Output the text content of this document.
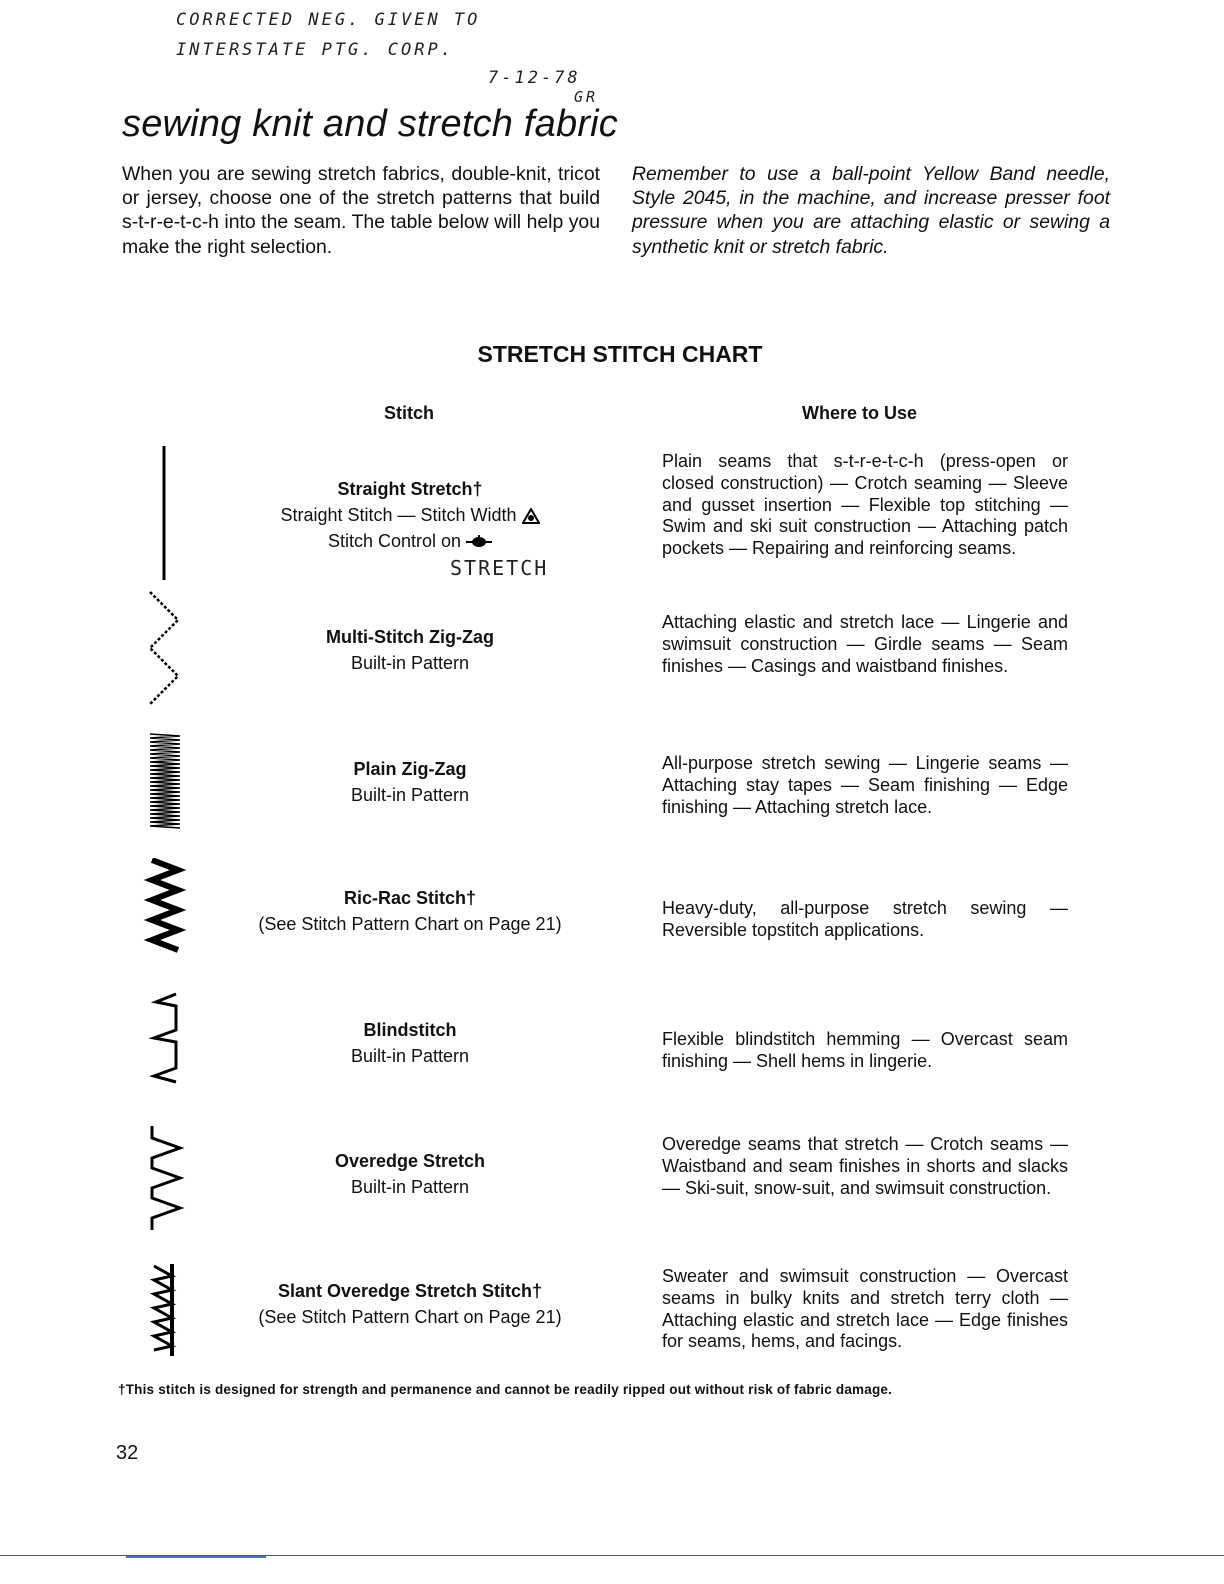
CORRECTED NEG. GIVEN TO
INTERSTATE PTG. CORP.
7-12-78
GR
sewing knit and stretch fabric
When you are sewing stretch fabrics, double-knit, tricot or jersey, choose one of the stretch patterns that build s-t-r-e-t-c-h into the seam. The table below will help you make the right selection.
Remember to use a ball-point Yellow Band needle, Style 2045, in the machine, and increase presser foot pressure when you are attaching elastic or sewing a synthetic knit or stretch fabric.
STRETCH STITCH CHART
Stitch	Where to Use
Straight Stretch†
Straight Stitch — Stitch Width
Stitch Control on
STRETCH
Plain seams that s-t-r-e-t-c-h (press-open or closed construction) — Crotch seaming — Sleeve and gusset insertion — Flexible top stitching — Swim and ski suit construction — Attaching patch pockets — Repairing and reinforcing seams.
Multi-Stitch Zig-Zag
Built-in Pattern
Attaching elastic and stretch lace — Lingerie and swimsuit construction — Girdle seams — Seam finishes — Casings and waistband finishes.
Plain Zig-Zag
Built-in Pattern
All-purpose stretch sewing — Lingerie seams — Attaching stay tapes — Seam finishing — Edge finishing — Attaching stretch lace.
Ric-Rac Stitch†
(See Stitch Pattern Chart on Page 21)
Heavy-duty, all-purpose stretch sewing — Reversible topstitch applications.
Blindstitch
Built-in Pattern
Flexible blindstitch hemming — Overcast seam finishing — Shell hems in lingerie.
Overedge Stretch
Built-in Pattern
Overedge seams that stretch — Crotch seams — Waistband and seam finishes in shorts and slacks — Ski-suit, snow-suit, and swimsuit construction.
Slant Overedge Stretch Stitch†
(See Stitch Pattern Chart on Page 21)
Sweater and swimsuit construction — Overcast seams in bulky knits and stretch terry cloth — Attaching elastic and stretch lace — Edge finishes for seams, hems, and facings.
†This stitch is designed for strength and permanence and cannot be readily ripped out without risk of fabric damage.
32
